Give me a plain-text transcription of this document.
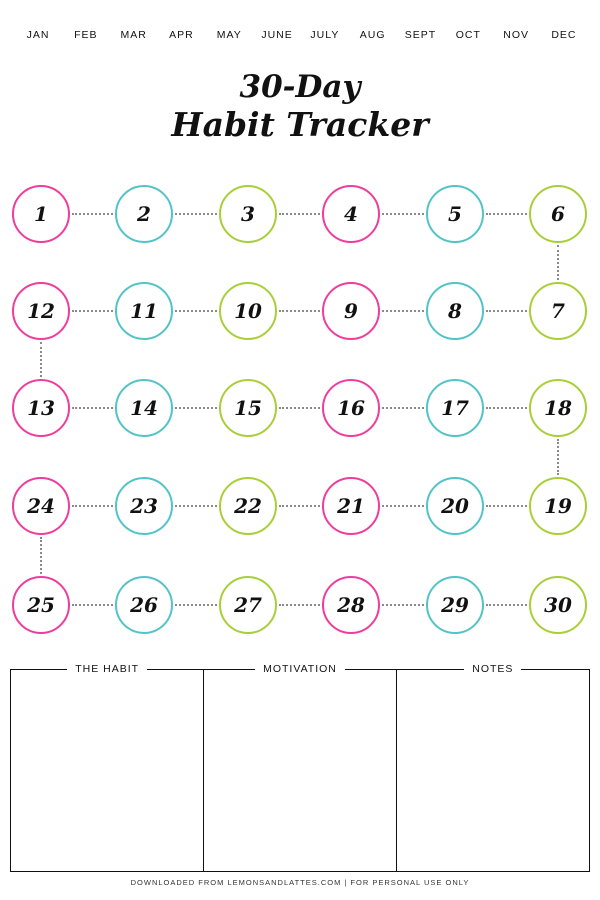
JAN	FEB	MAR	APR	MAY	JUNE	JULY	AUG	SEPT	OCT	NOV	DEC
30-Day
Habit Tracker
1	2	3	4	5	6
12	11	10	9	8	7
13	14	15	16	17	18
24	23	22	21	20	19
25	26	27	28	29	30
THE HABIT	MOTIVATION	NOTES
DOWNLOADED FROM LEMONSANDLATTES.COM | FOR PERSONAL USE ONLY
